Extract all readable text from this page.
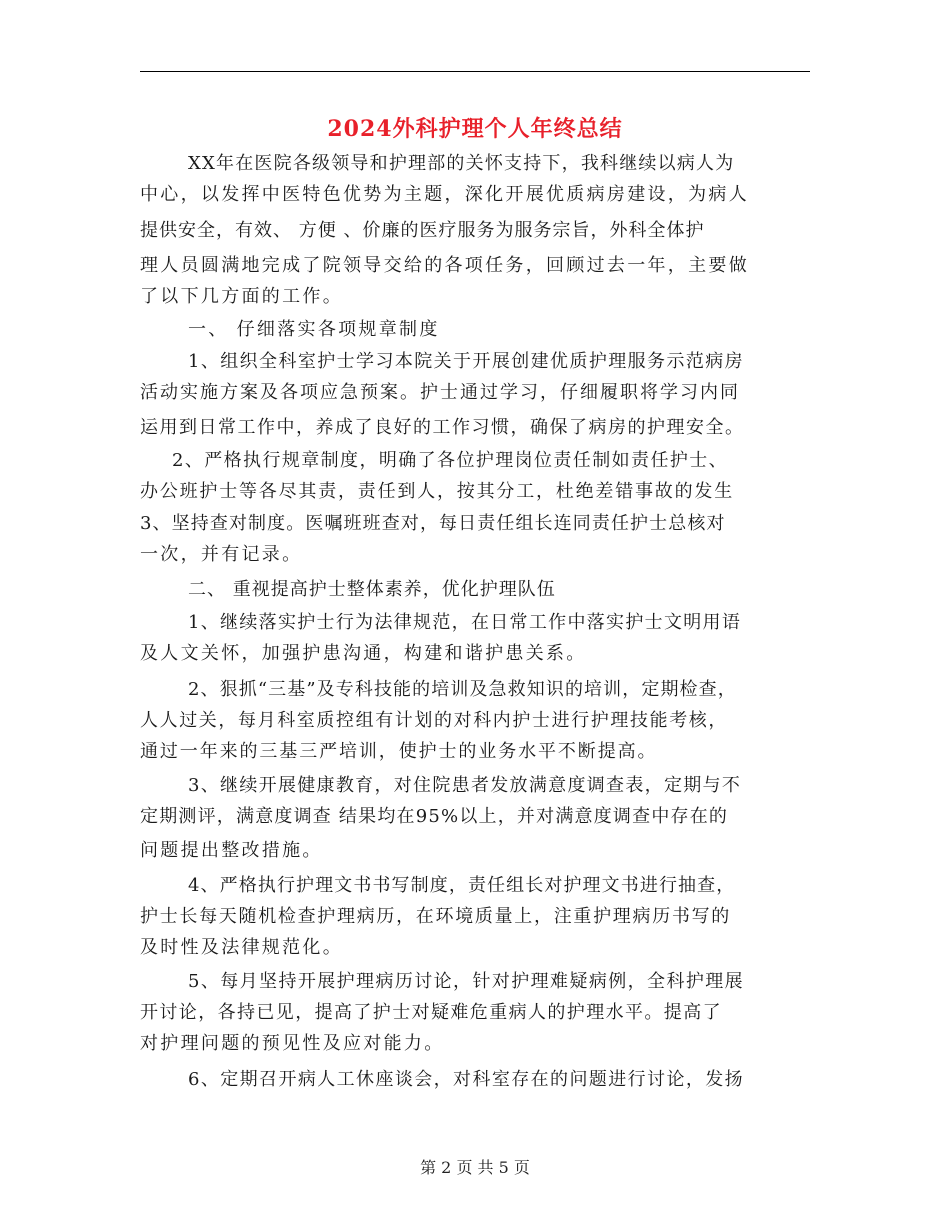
2024外科护理个人年终总结
XX年在医院各级领导和护理部的关怀支持下，我科继续以病人为
中心，以发挥中医特色优势为主题，深化开展优质病房建设，为病人
提供安全，有效、 方便 、价廉的医疗服务为服务宗旨，外科全体护
理人员圆满地完成了院领导交给的各项任务，回顾过去一年，主要做
了以下几方面的工作。
一、 仔细落实各项规章制度
1、组织全科室护士学习本院关于开展创建优质护理服务示范病房
活动实施方案及各项应急预案。护士通过学习，仔细履职将学习内同
运用到日常工作中，养成了良好的工作习惯，确保了病房的护理安全。
2、严格执行规章制度，明确了各位护理岗位责任制如责任护士、
办公班护士等各尽其责，责任到人，按其分工，杜绝差错事故的发生
3、坚持查对制度。医嘱班班查对，每日责任组长连同责任护士总核对
一次，并有记录。
二、 重视提高护士整体素养，优化护理队伍
1、继续落实护士行为法律规范，在日常工作中落实护士文明用语
及人文关怀，加强护患沟通，构建和谐护患关系。
2、狠抓“三基”及专科技能的培训及急救知识的培训，定期检查，
人人过关，每月科室质控组有计划的对科内护士进行护理技能考核，
通过一年来的三基三严培训，使护士的业务水平不断提高。
3、继续开展健康教育，对住院患者发放满意度调查表，定期与不
定期测评，满意度调查 结果均在95%以上，并对满意度调查中存在的
问题提出整改措施。
4、严格执行护理文书书写制度，责任组长对护理文书进行抽查，
护士长每天随机检查护理病历，在环境质量上，注重护理病历书写的
及时性及法律规范化。
5、每月坚持开展护理病历讨论，针对护理难疑病例，全科护理展
开讨论，各持已见，提高了护士对疑难危重病人的护理水平。提高了
对护理问题的预见性及应对能力。
6、定期召开病人工休座谈会，对科室存在的问题进行讨论，发扬
第 2 页 共 5 页
